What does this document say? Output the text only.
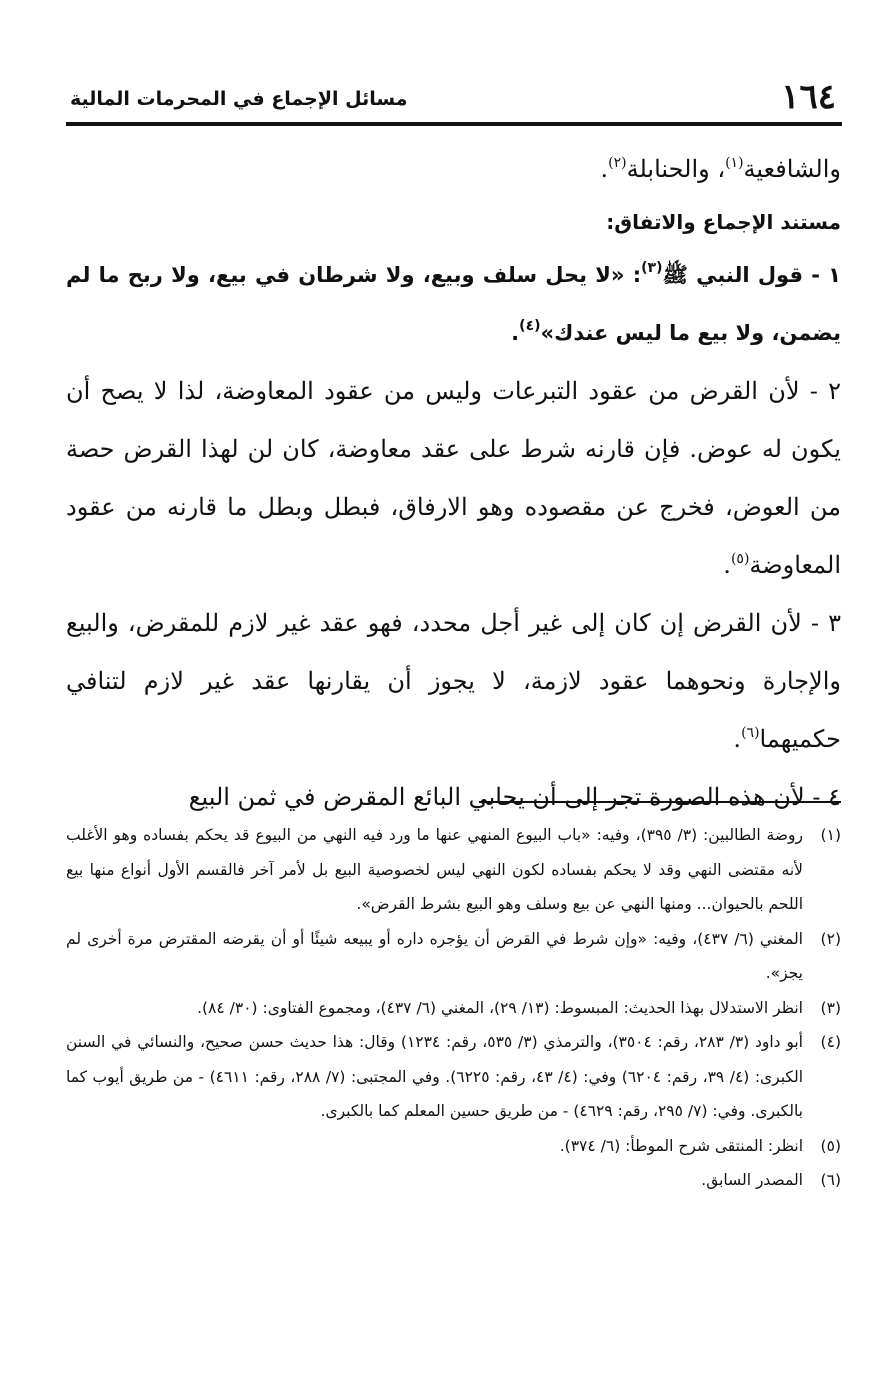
١٦٤
مسائل الإجماع في المحرمات المالية

والشافعية$^{(١)}$، والحنابلة$^{(٢)}$.

مستند الإجماع والاتفاق:

١ - قول النبي ﷺ$^{(٣)}$: «لا يحل سلف وبيع، ولا شرطان في بيع، ولا ربح ما لم يضمن، ولا بيع ما ليس عندك»$^{(٤)}$.

٢ - لأن القرض من عقود التبرعات وليس من عقود المعاوضة، لذا لا يصح أن يكون له عوض. فإن قارنه شرط على عقد معاوضة، كان لن لهذا القرض حصة من العوض، فخرج عن مقصوده وهو الارفاق، فبطل وبطل ما قارنه من عقود المعاوضة$^{(٥)}$.

٣ - لأن القرض إن كان إلى غير أجل محدد، فهو عقد غير لازم للمقرض، والبيع والإجارة ونحوهما عقود لازمة، لا يجوز أن يقارنها عقد غير لازم لتنافي حكميهما$^{(٦)}$.

٤ - لأن هذه الصورة تجر إلى أن يحابي البائع المقرض في ثمن البيع

(١)
روضة الطالبين: (٣/ ٣٩٥)، وفيه: «باب البيوع المنهي عنها ما ورد فيه النهي من البيوع قد يحكم بفساده وهو الأغلب لأنه مقتضى النهي وقد لا يحكم بفساده لكون النهي ليس لخصوصية البيع بل لأمر آخر فالقسم الأول أنواع منها بيع اللحم بالحيوان... ومنها النهي عن بيع وسلف وهو البيع بشرط القرض».
(٢)
المغني (٦/ ٤٣٧)، وفيه: «وإن شرط في القرض أن يؤجره داره أو يبيعه شيئًا أو أن يقرضه المقترض مرة أخرى لم يجز».
(٣)
انظر الاستدلال بهذا الحديث: المبسوط: (١٣/ ٢٩)، المغني (٦/ ٤٣٧)، ومجموع الفتاوى: (٣٠/ ٨٤).
(٤)
أبو داود (٣/ ٢٨٣، رقم: ٣٥٠٤)، والترمذي (٣/ ٥٣٥، رقم: ١٢٣٤) وقال: هذا حديث حسن صحيح، والنسائي في السنن الكبرى: (٤/ ٣٩، رقم: ٦٢٠٤) وفي: (٤/ ٤٣، رقم: ٦٢٢٥). وفي المجتبى: (٧/ ٢٨٨، رقم: ٤٦١١) - من طريق أيوب كما بالكبرى. وفي: (٧/ ٢٩٥، رقم: ٤٦٢٩) - من طريق حسين المعلم كما بالكبرى.
(٥)
انظر: المنتقى شرح الموطأ: (٦/ ٣٧٤).
(٦)
المصدر السابق.
